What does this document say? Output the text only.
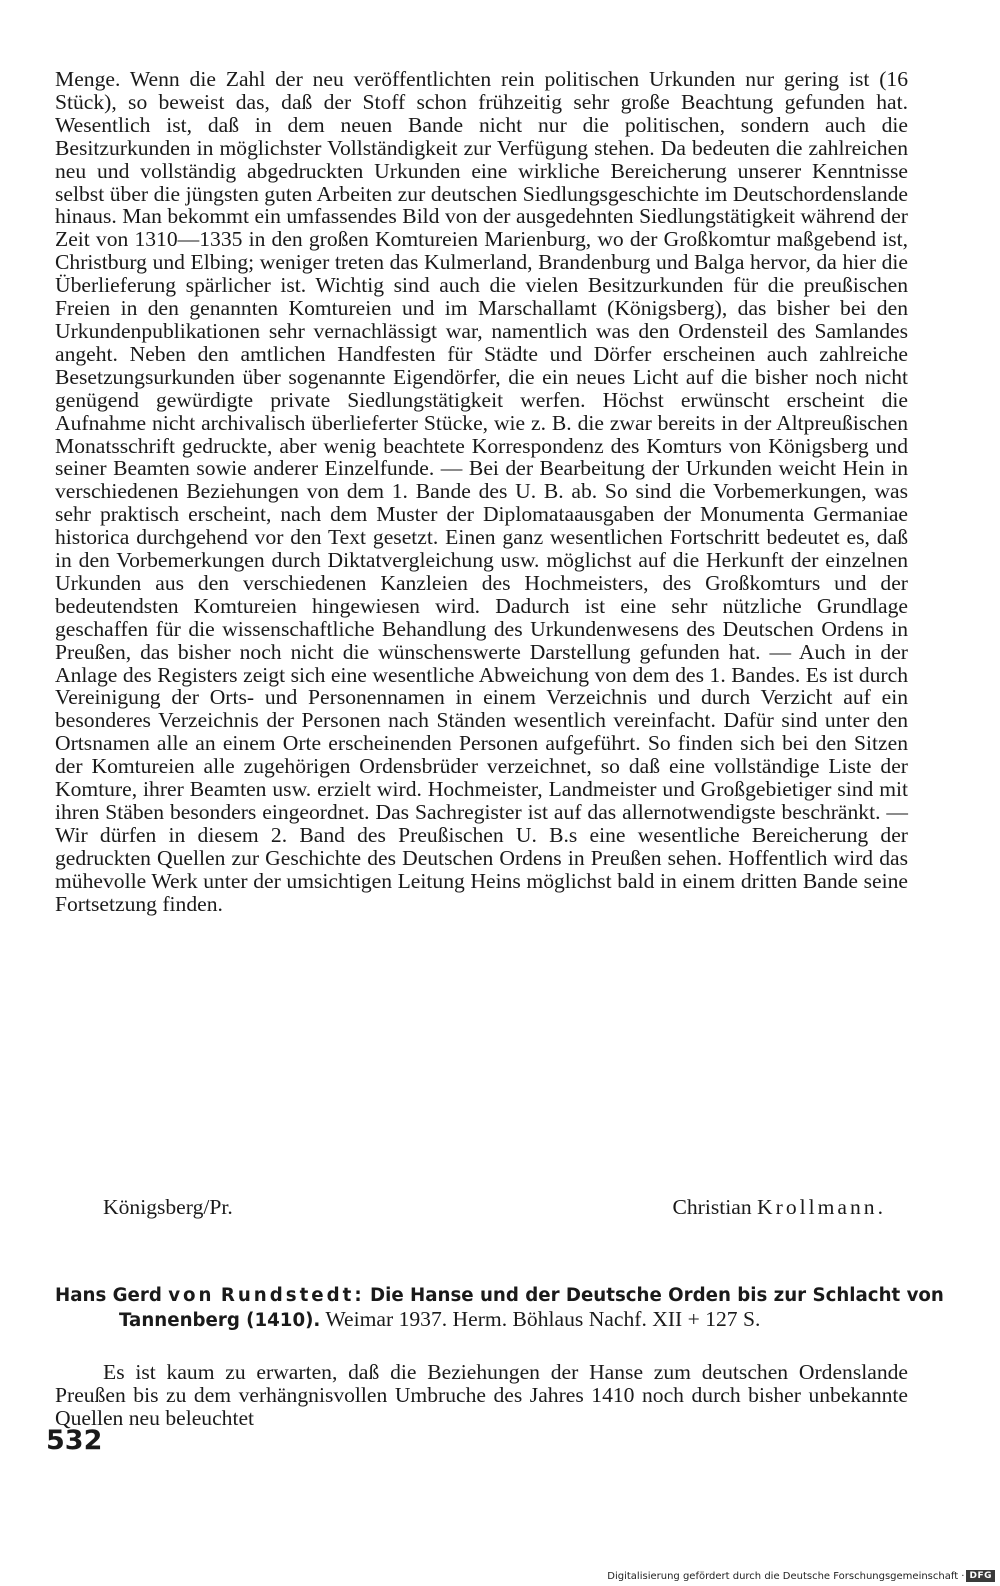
Menge. Wenn die Zahl der neu veröffentlichten rein politischen Urkunden nur gering ist (16 Stück), so beweist das, daß der Stoff schon frühzeitig sehr große Beachtung gefunden hat. Wesentlich ist, daß in dem neuen Bande nicht nur die politischen, sondern auch die Besitzurkunden in möglichster Vollständigkeit zur Verfügung stehen. Da bedeuten die zahlreichen neu und vollständig abgedruckten Urkunden eine wirkliche Bereicherung unserer Kenntnisse selbst über die jüngsten guten Arbeiten zur deutschen Siedlungsgeschichte im Deutschordenslande hinaus. Man bekommt ein umfassendes Bild von der ausgedehnten Siedlungstätigkeit während der Zeit von 1310—1335 in den großen Komtureien Marienburg, wo der Großkomtur maßgebend ist, Christburg und Elbing; weniger treten das Kulmerland, Brandenburg und Balga hervor, da hier die Überlieferung spärlicher ist. Wichtig sind auch die vielen Besitzurkunden für die preußischen Freien in den genannten Komtureien und im Marschallamt (Königsberg), das bisher bei den Urkundenpublikationen sehr vernachlässigt war, namentlich was den Ordensteil des Samlandes angeht. Neben den amtlichen Handfesten für Städte und Dörfer erscheinen auch zahlreiche Besetzungsurkunden über sogenannte Eigendörfer, die ein neues Licht auf die bisher noch nicht genügend gewürdigte private Siedlungstätigkeit werfen. Höchst erwünscht erscheint die Aufnahme nicht archivalisch überlieferter Stücke, wie z. B. die zwar bereits in der Altpreußischen Monatsschrift gedruckte, aber wenig beachtete Korrespondenz des Komturs von Königsberg und seiner Beamten sowie anderer Einzelfunde. — Bei der Bearbeitung der Urkunden weicht Hein in verschiedenen Beziehungen von dem 1. Bande des U. B. ab. So sind die Vorbemerkungen, was sehr praktisch erscheint, nach dem Muster der Diplomataausgaben der Monumenta Germaniae historica durchgehend vor den Text gesetzt. Einen ganz wesentlichen Fortschritt bedeutet es, daß in den Vorbemerkungen durch Diktatvergleichung usw. möglichst auf die Herkunft der einzelnen Urkunden aus den verschiedenen Kanzleien des Hochmeisters, des Großkomturs und der bedeutendsten Komtureien hingewiesen wird. Dadurch ist eine sehr nützliche Grundlage geschaffen für die wissenschaftliche Behandlung des Urkundenwesens des Deutschen Ordens in Preußen, das bisher noch nicht die wünschenswerte Darstellung gefunden hat. — Auch in der Anlage des Registers zeigt sich eine wesentliche Abweichung von dem des 1. Bandes. Es ist durch Vereinigung der Orts- und Personennamen in einem Verzeichnis und durch Verzicht auf ein besonderes Verzeichnis der Personen nach Ständen wesentlich vereinfacht. Dafür sind unter den Ortsnamen alle an einem Orte erscheinenden Personen aufgeführt. So finden sich bei den Sitzen der Komtureien alle zugehörigen Ordensbrüder verzeichnet, so daß eine vollständige Liste der Komture, ihrer Beamten usw. erzielt wird. Hochmeister, Landmeister und Großgebietiger sind mit ihren Stäben besonders eingeordnet. Das Sachregister ist auf das allernotwendigste beschränkt. — Wir dürfen in diesem 2. Band des Preußischen U. B.s eine wesentliche Bereicherung der gedruckten Quellen zur Geschichte des Deutschen Ordens in Preußen sehen. Hoffentlich wird das mühevolle Werk unter der umsichtigen Leitung Heins möglichst bald in einem dritten Bande seine Fortsetzung finden.

Königsberg/Pr.	Christian Krollmann.

Hans Gerd von Rundstedt: Die Hanse und der Deutsche Orden bis zur Schlacht von Tannenberg (1410). Weimar 1937. Herm. Böhlaus Nachf. XII + 127 S.

Es ist kaum zu erwarten, daß die Beziehungen der Hanse zum deutschen Ordenslande Preußen bis zu dem verhängnisvollen Umbruche des Jahres 1410 noch durch bisher unbekannte Quellen neu beleuchtet

532
Digitalisierung gefördert durch die Deutsche Forschungsgemeinschaft · DFG
